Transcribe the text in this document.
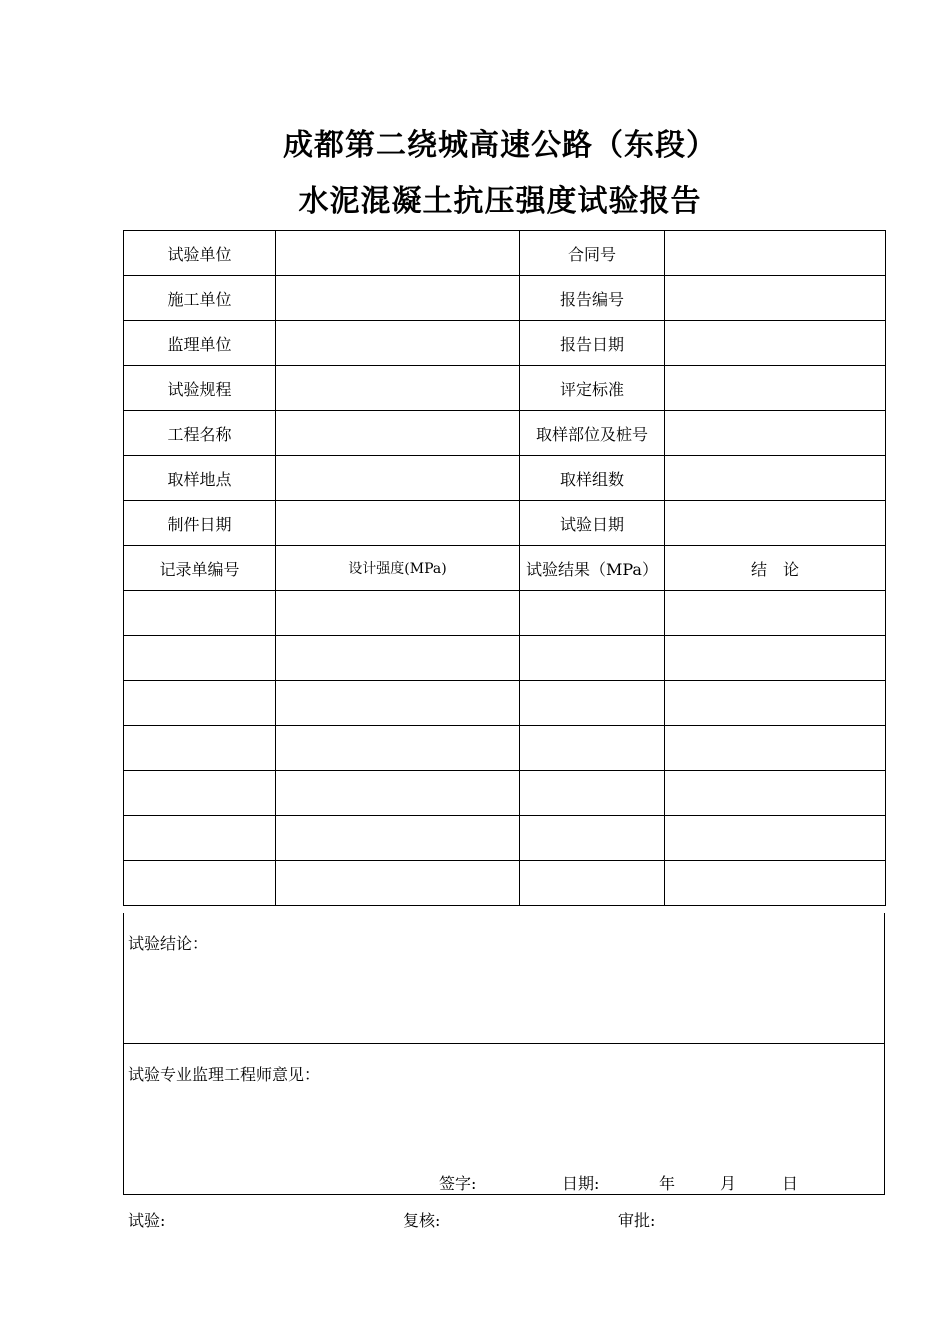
成都第二绕城高速公路（东段）
水泥混凝土抗压强度试验报告
试验单位		合同号	
施工单位		报告编号	
监理单位		报告日期	
试验规程		评定标准	
工程名称		取样部位及桩号	
取样地点		取样组数	
制件日期		试验日期	
记录单编号	设计强度(MPa)	试验结果（MPa）	结　论

试验结论：
试验专业监理工程师意见：
签字:	日期:	年	月	日
试验:	复核:	审批:
